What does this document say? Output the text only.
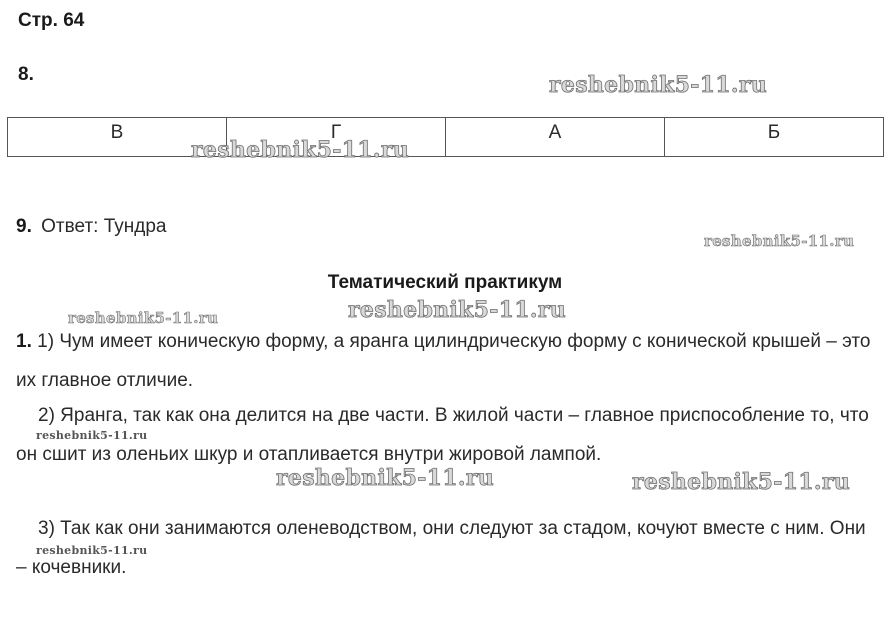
Стр. 64
8.
В	Г	А	Б
9. Ответ: Тундра
Тематический практикум
1. 1) Чум имеет коническую форму, а яранга цилиндрическую форму с конической крышей – это их главное отличие.
2) Яранга, так как она делится на две части. В жилой части – главное приспособление то, что он сшит из оленьих шкур и отапливается внутри жировой лампой.
3) Так как они занимаются оленеводством, они следуют за стадом, кочуют вместе с ним. Они – кочевники.
reshebnik5-11.ru
reshebnik5-11.ru
reshebnik5-11.ru
reshebnik5-11.ru	reshebnik5-11.ru
reshebnik5-11.ru
reshebnik5-11.ru	reshebnik5-11.ru
reshebnik5-11.ru
